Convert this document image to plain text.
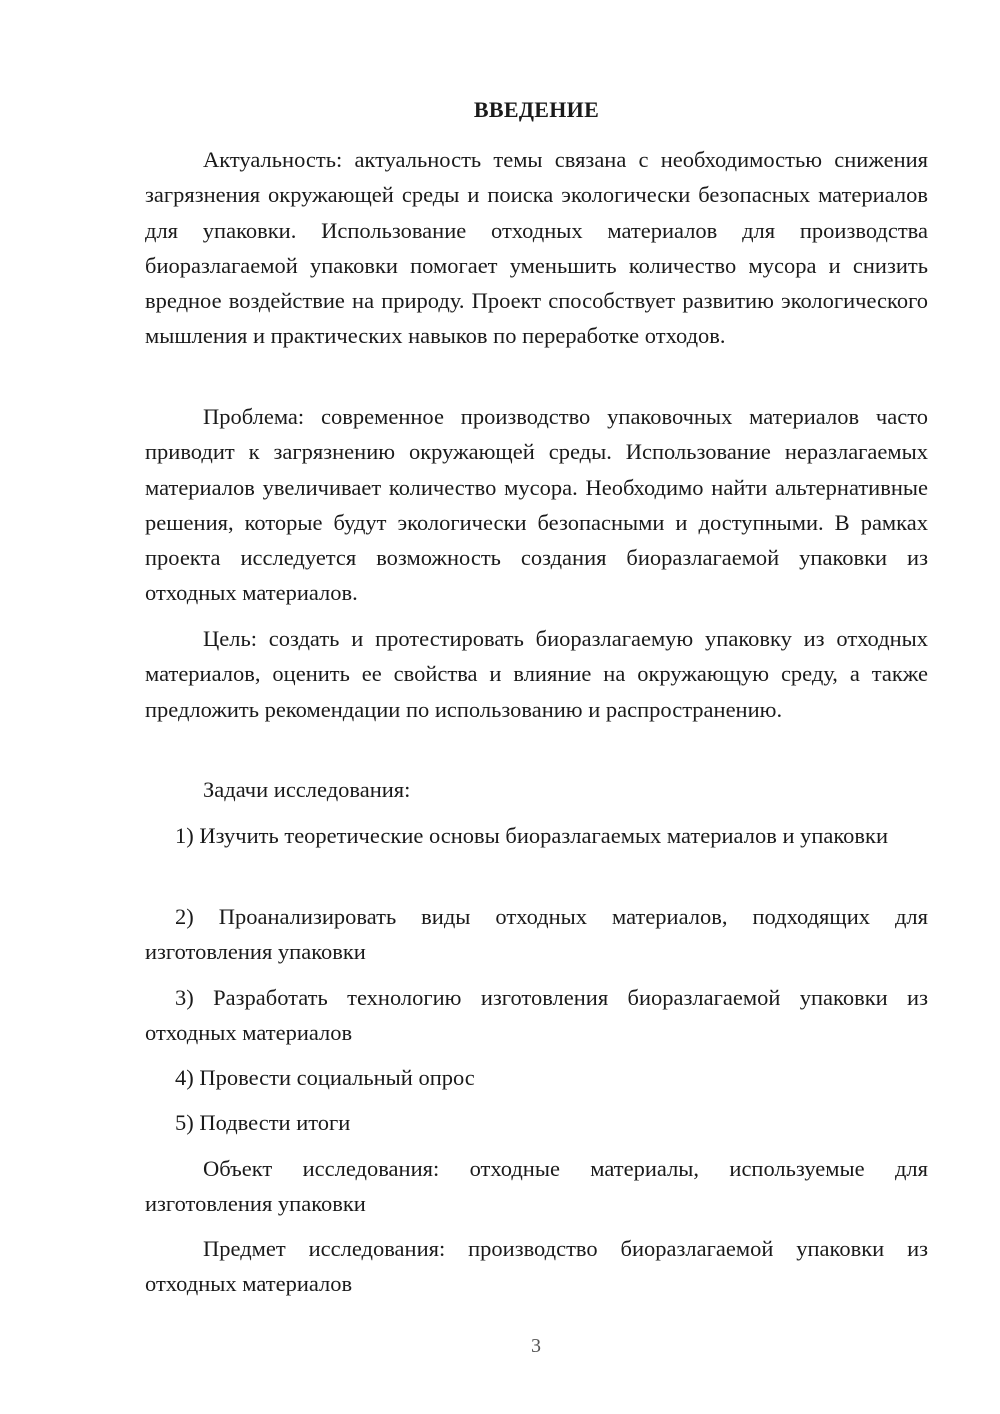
ВВЕДЕНИЕ

Актуальность: актуальность темы связана с необходимостью снижения загрязнения окружающей среды и поиска экологически безопасных материалов для упаковки. Использование отходных материалов для производства биоразлагаемой упаковки помогает уменьшить количество мусора и снизить вредное воздействие на природу. Проект способствует развитию экологического мышления и практических навыков по переработке отходов.

Проблема: современное производство упаковочных материалов часто приводит к загрязнению окружающей среды. Использование неразлагаемых материалов увеличивает количество мусора. Необходимо найти альтернативные решения, которые будут экологически безопасными и доступными. В рамках проекта исследуется возможность создания биоразлагаемой упаковки из отходных материалов.

Цель: создать и протестировать биоразлагаемую упаковку из отходных материалов, оценить ее свойства и влияние на окружающую среду, а также предложить рекомендации по использованию и распространению.

Задачи исследования:

1) Изучить теоретические основы биоразлагаемых материалов и упаковки

2) Проанализировать виды отходных материалов, подходящих для изготовления упаковки

3) Разработать технологию изготовления биоразлагаемой упаковки из отходных материалов

4) Провести социальный опрос

5) Подвести итоги

Объект исследования: отходные материалы, используемые для изготовления упаковки

Предмет исследования: производство биоразлагаемой упаковки из отходных материалов

3
